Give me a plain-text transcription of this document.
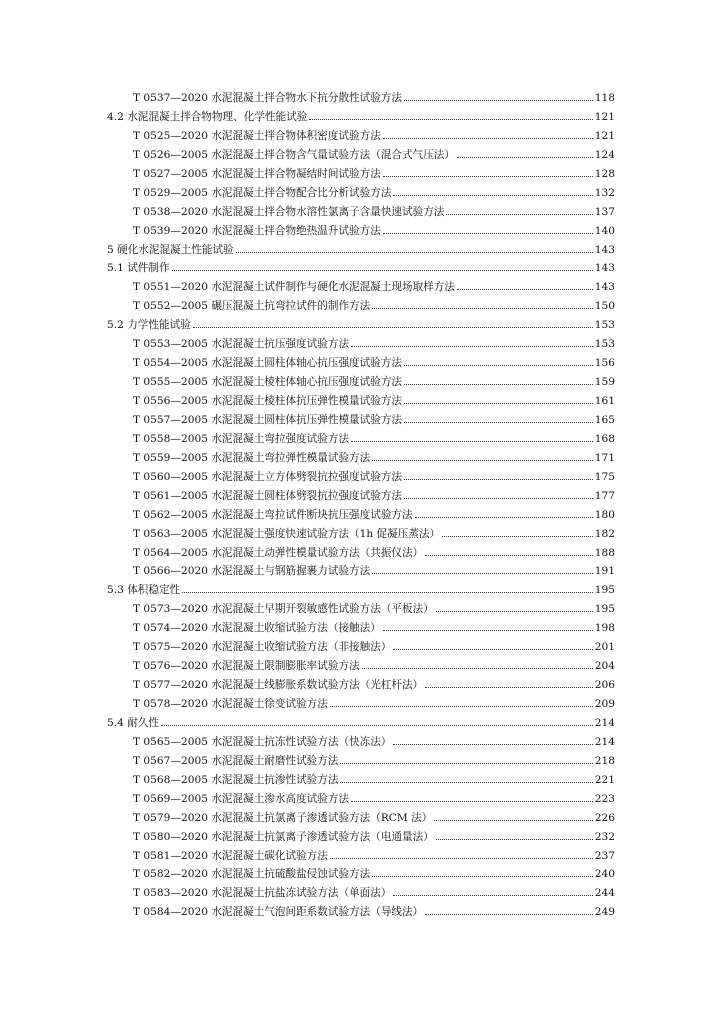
T 0537—2020 水泥混凝土拌合物水下抗分散性试验方法	118
4.2 水泥混凝土拌合物物理、化学性能试验	121
T 0525—2020 水泥混凝土拌合物体积密度试验方法	121
T 0526—2005 水泥混凝土拌合物含气量试验方法（混合式气压法）	124
T 0527—2005 水泥混凝土拌合物凝结时间试验方法	128
T 0529—2005 水泥混凝土拌合物配合比分析试验方法	132
T 0538—2020 水泥混凝土拌合物水溶性氯离子含量快速试验方法	137
T 0539—2020 水泥混凝土拌合物绝热温升试验方法	140
5 硬化水泥混凝土性能试验	143
5.1 试件制作	143
T 0551—2020 水泥混凝土试件制作与硬化水泥混凝土现场取样方法	143
T 0552—2005 碾压混凝土抗弯拉试件的制作方法	150
5.2 力学性能试验	153
T 0553—2005 水泥混凝土抗压强度试验方法	153
T 0554—2005 水泥混凝土圆柱体轴心抗压强度试验方法	156
T 0555—2005 水泥混凝土棱柱体轴心抗压强度试验方法	159
T 0556—2005 水泥混凝土棱柱体抗压弹性模量试验方法	161
T 0557—2005 水泥混凝土圆柱体抗压弹性模量试验方法	165
T 0558—2005 水泥混凝土弯拉强度试验方法	168
T 0559—2005 水泥混凝土弯拉弹性模量试验方法	171
T 0560—2005 水泥混凝土立方体劈裂抗拉强度试验方法	175
T 0561—2005 水泥混凝土圆柱体劈裂抗拉强度试验方法	177
T 0562—2005 水泥混凝土弯拉试件断块抗压强度试验方法	180
T 0563—2005 水泥混凝土强度快速试验方法（1h 促凝压蒸法）	182
T 0564—2005 水泥混凝土动弹性模量试验方法（共振仪法）	188
T 0566—2020 水泥混凝土与钢筋握裹力试验方法	191
5.3 体积稳定性	195
T 0573—2020 水泥混凝土早期开裂敏感性试验方法（平板法）	195
T 0574—2020 水泥混凝土收缩试验方法（接触法）	198
T 0575—2020 水泥混凝土收缩试验方法（非接触法）	201
T 0576—2020 水泥混凝土限制膨胀率试验方法	204
T 0577—2020 水泥混凝土线膨胀系数试验方法（光杠杆法）	206
T 0578—2020 水泥混凝土徐变试验方法	209
5.4 耐久性	214
T 0565—2005 水泥混凝土抗冻性试验方法（快冻法）	214
T 0567—2005 水泥混凝土耐磨性试验方法	218
T 0568—2005 水泥混凝土抗渗性试验方法	221
T 0569—2005 水泥混凝土渗水高度试验方法	223
T 0579—2020 水泥混凝土抗氯离子渗透试验方法（RCM 法）	226
T 0580—2020 水泥混凝土抗氯离子渗透试验方法（电通量法）	232
T 0581—2020 水泥混凝土碳化试验方法	237
T 0582—2020 水泥混凝土抗硫酸盐侵蚀试验方法	240
T 0583—2020 水泥混凝土抗盐冻试验方法（单面法）	244
T 0584—2020 水泥混凝土气泡间距系数试验方法（导线法）	249
